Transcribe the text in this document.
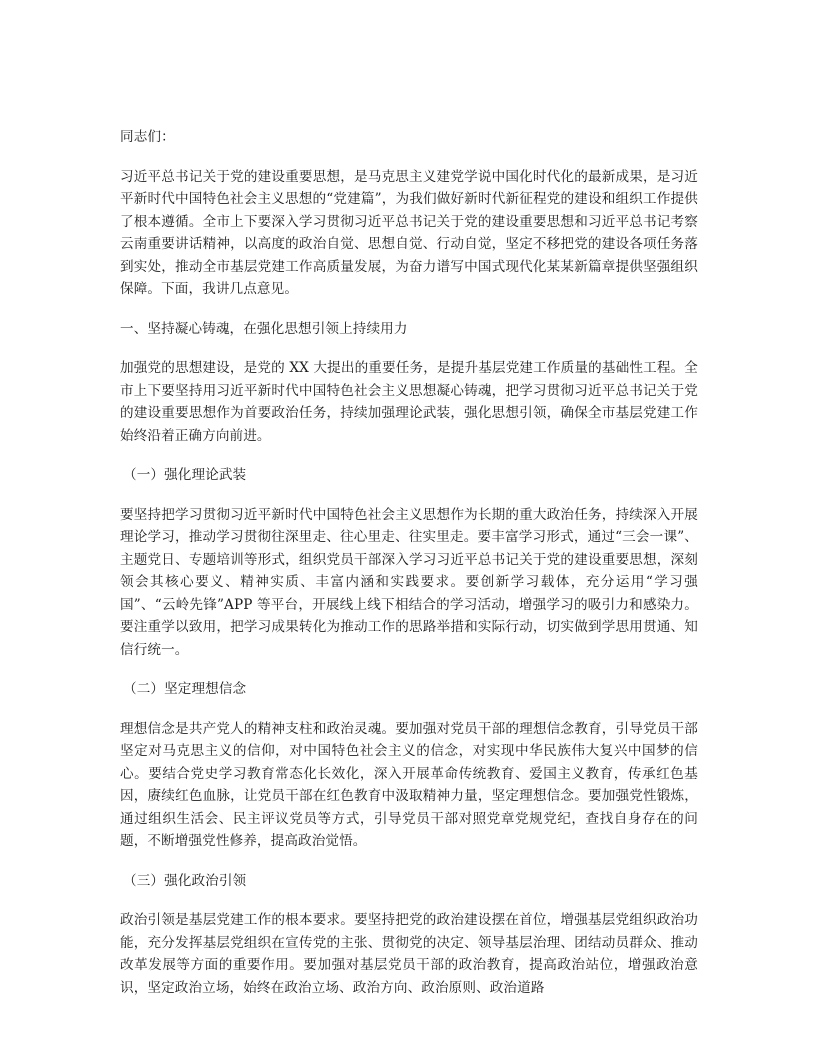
同志们：
习近平总书记关于党的建设重要思想，是马克思主义建党学说中国化时代化的最新成果，是习近平新时代中国特色社会主义思想的“党建篇”，为我们做好新时代新征程党的建设和组织工作提供了根本遵循。全市上下要深入学习贯彻习近平总书记关于党的建设重要思想和习近平总书记考察云南重要讲话精神，以高度的政治自觉、思想自觉、行动自觉，坚定不移把党的建设各项任务落到实处，推动全市基层党建工作高质量发展，为奋力谱写中国式现代化某某新篇章提供坚强组织保障。下面，我讲几点意见。
一、坚持凝心铸魂，在强化思想引领上持续用力
加强党的思想建设，是党的 XX 大提出的重要任务，是提升基层党建工作质量的基础性工程。全市上下要坚持用习近平新时代中国特色社会主义思想凝心铸魂，把学习贯彻习近平总书记关于党的建设重要思想作为首要政治任务，持续加强理论武装，强化思想引领，确保全市基层党建工作始终沿着正确方向前进。
（一）强化理论武装
要坚持把学习贯彻习近平新时代中国特色社会主义思想作为长期的重大政治任务，持续深入开展理论学习，推动学习贯彻往深里走、往心里走、往实里走。要丰富学习形式，通过“三会一课”、主题党日、专题培训等形式，组织党员干部深入学习习近平总书记关于党的建设重要思想，深刻领会其核心要义、精神实质、丰富内涵和实践要求。要创新学习载体，充分运用“学习强国”、“云岭先锋”APP 等平台，开展线上线下相结合的学习活动，增强学习的吸引力和感染力。要注重学以致用，把学习成果转化为推动工作的思路举措和实际行动，切实做到学思用贯通、知信行统一。
（二）坚定理想信念
理想信念是共产党人的精神支柱和政治灵魂。要加强对党员干部的理想信念教育，引导党员干部坚定对马克思主义的信仰，对中国特色社会主义的信念，对实现中华民族伟大复兴中国梦的信心。要结合党史学习教育常态化长效化，深入开展革命传统教育、爱国主义教育，传承红色基因，赓续红色血脉，让党员干部在红色教育中汲取精神力量，坚定理想信念。要加强党性锻炼，通过组织生活会、民主评议党员等方式，引导党员干部对照党章党规党纪，查找自身存在的问题，不断增强党性修养，提高政治觉悟。
（三）强化政治引领
政治引领是基层党建工作的根本要求。要坚持把党的政治建设摆在首位，增强基层党组织政治功能，充分发挥基层党组织在宣传党的主张、贯彻党的决定、领导基层治理、团结动员群众、推动改革发展等方面的重要作用。要加强对基层党员干部的政治教育，提高政治站位，增强政治意识，坚定政治立场，始终在政治立场、政治方向、政治原则、政治道路
